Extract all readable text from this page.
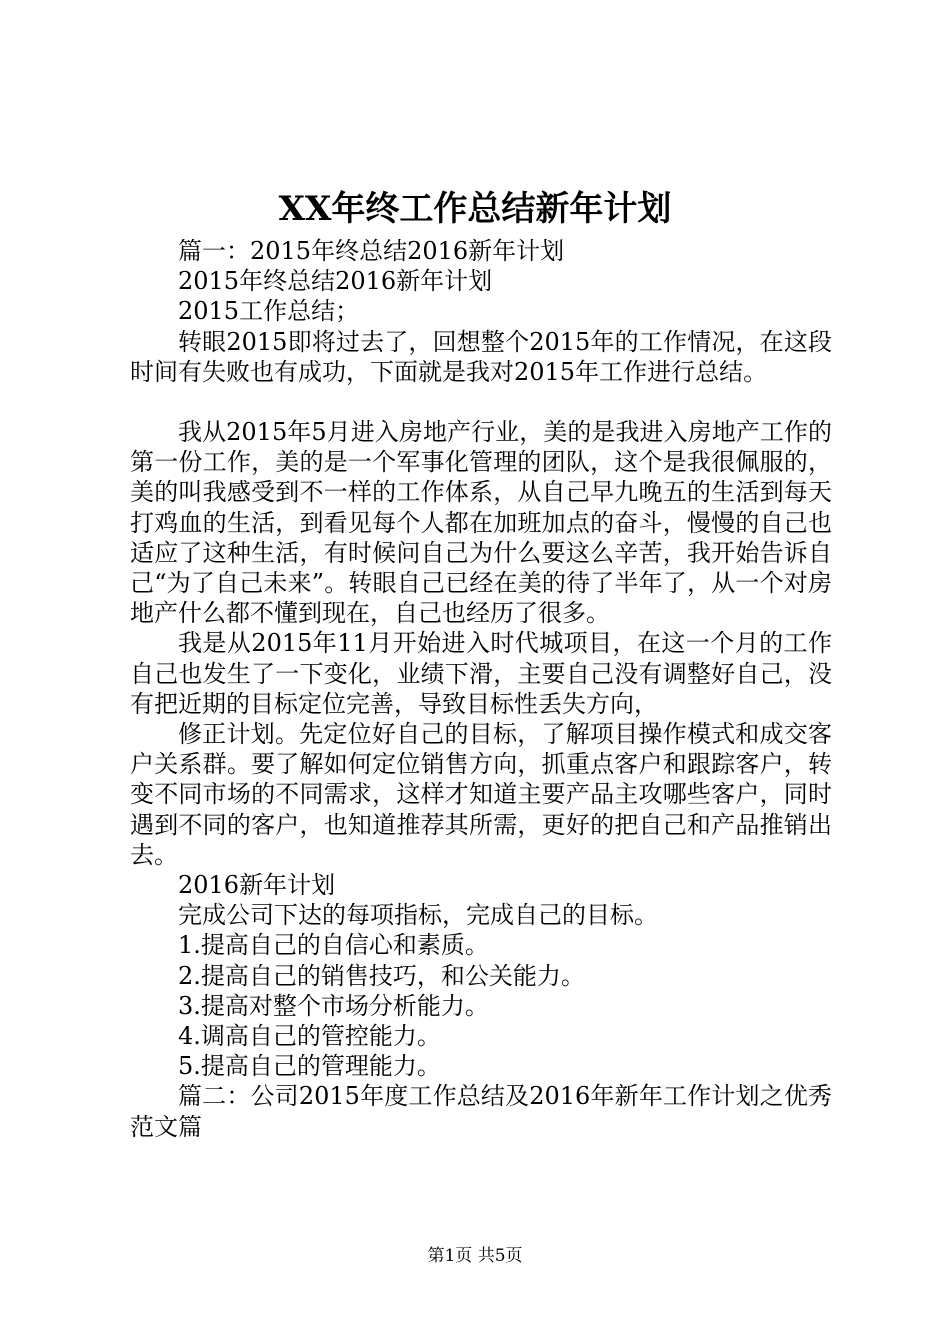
XX年终工作总结新年计划

篇一：2015年终总结2016新年计划

2015年终总结2016新年计划

2015工作总结；

转眼2015即将过去了，回想整个2015年的工作情况，在这段时间有失败也有成功，下面就是我对2015年工作进行总结。

我从2015年5月进入房地产行业，美的是我进入房地产工作的第一份工作，美的是一个军事化管理的团队，这个是我很佩服的，美的叫我感受到不一样的工作体系，从自己早九晚五的生活到每天打鸡血的生活，到看见每个人都在加班加点的奋斗，慢慢的自己也适应了这种生活，有时候问自己为什么要这么辛苦，我开始告诉自己“为了自己未来”。转眼自己已经在美的待了半年了，从一个对房地产什么都不懂到现在，自己也经历了很多。

我是从2015年11月开始进入时代城项目，在这一个月的工作自己也发生了一下变化，业绩下滑，主要自己没有调整好自己，没有把近期的目标定位完善，导致目标性丢失方向，

修正计划。先定位好自己的目标，了解项目操作模式和成交客户关系群。要了解如何定位销售方向，抓重点客户和跟踪客户，转变不同市场的不同需求，这样才知道主要产品主攻哪些客户，同时遇到不同的客户，也知道推荐其所需，更好的把自己和产品推销出去。

2016新年计划

完成公司下达的每项指标，完成自己的目标。

1.提高自己的自信心和素质。

2.提高自己的销售技巧，和公关能力。

3.提高对整个市场分析能力。

4.调高自己的管控能力。

5.提高自己的管理能力。

篇二：公司2015年度工作总结及2016年新年工作计划之优秀范文篇

第1页 共5页
